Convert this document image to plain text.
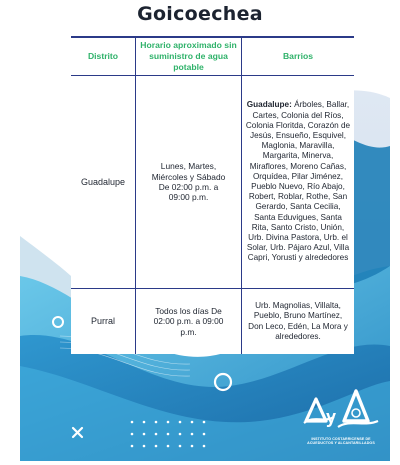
Goicoechea
y
INSTITUTO COSTARRICENSE DE ACUEDUCTOS Y ALCANTARILLADOS
Distrito
Horario aproximado sin suministro de agua potable
Barrios
Guadalupe
Lunes, Martes, Miércoles y Sábado De 02:00 p.m. a 09:00 p.m.
Guadalupe: Árboles, Ballar, Cartes, Colonia del Ríos, Colonia Floritda, Corazón de Jesús, Ensueño, Esquivel, Maglonia, Maravilla, Margarita, Minerva, Miraflores, Moreno Cañas, Orquídea, Pilar Jiménez, Pueblo Nuevo, Río Abajo, Robert, Roblar, Rothe, San Gerardo, Santa Cecilia, Santa Eduvigues, Santa Rita, Santo Cristo, Unión, Urb. Divina Pastora, Urb. el Solar, Urb. Pájaro Azul, Villa Capri, Yorusti y alrededores
Purral
Todos los días De 02:00 p.m. a 09:00 p.m.
Urb. Magnolias, Villalta, Pueblo, Bruno Martínez, Don Leco, Edén, La Mora y alrededores.
